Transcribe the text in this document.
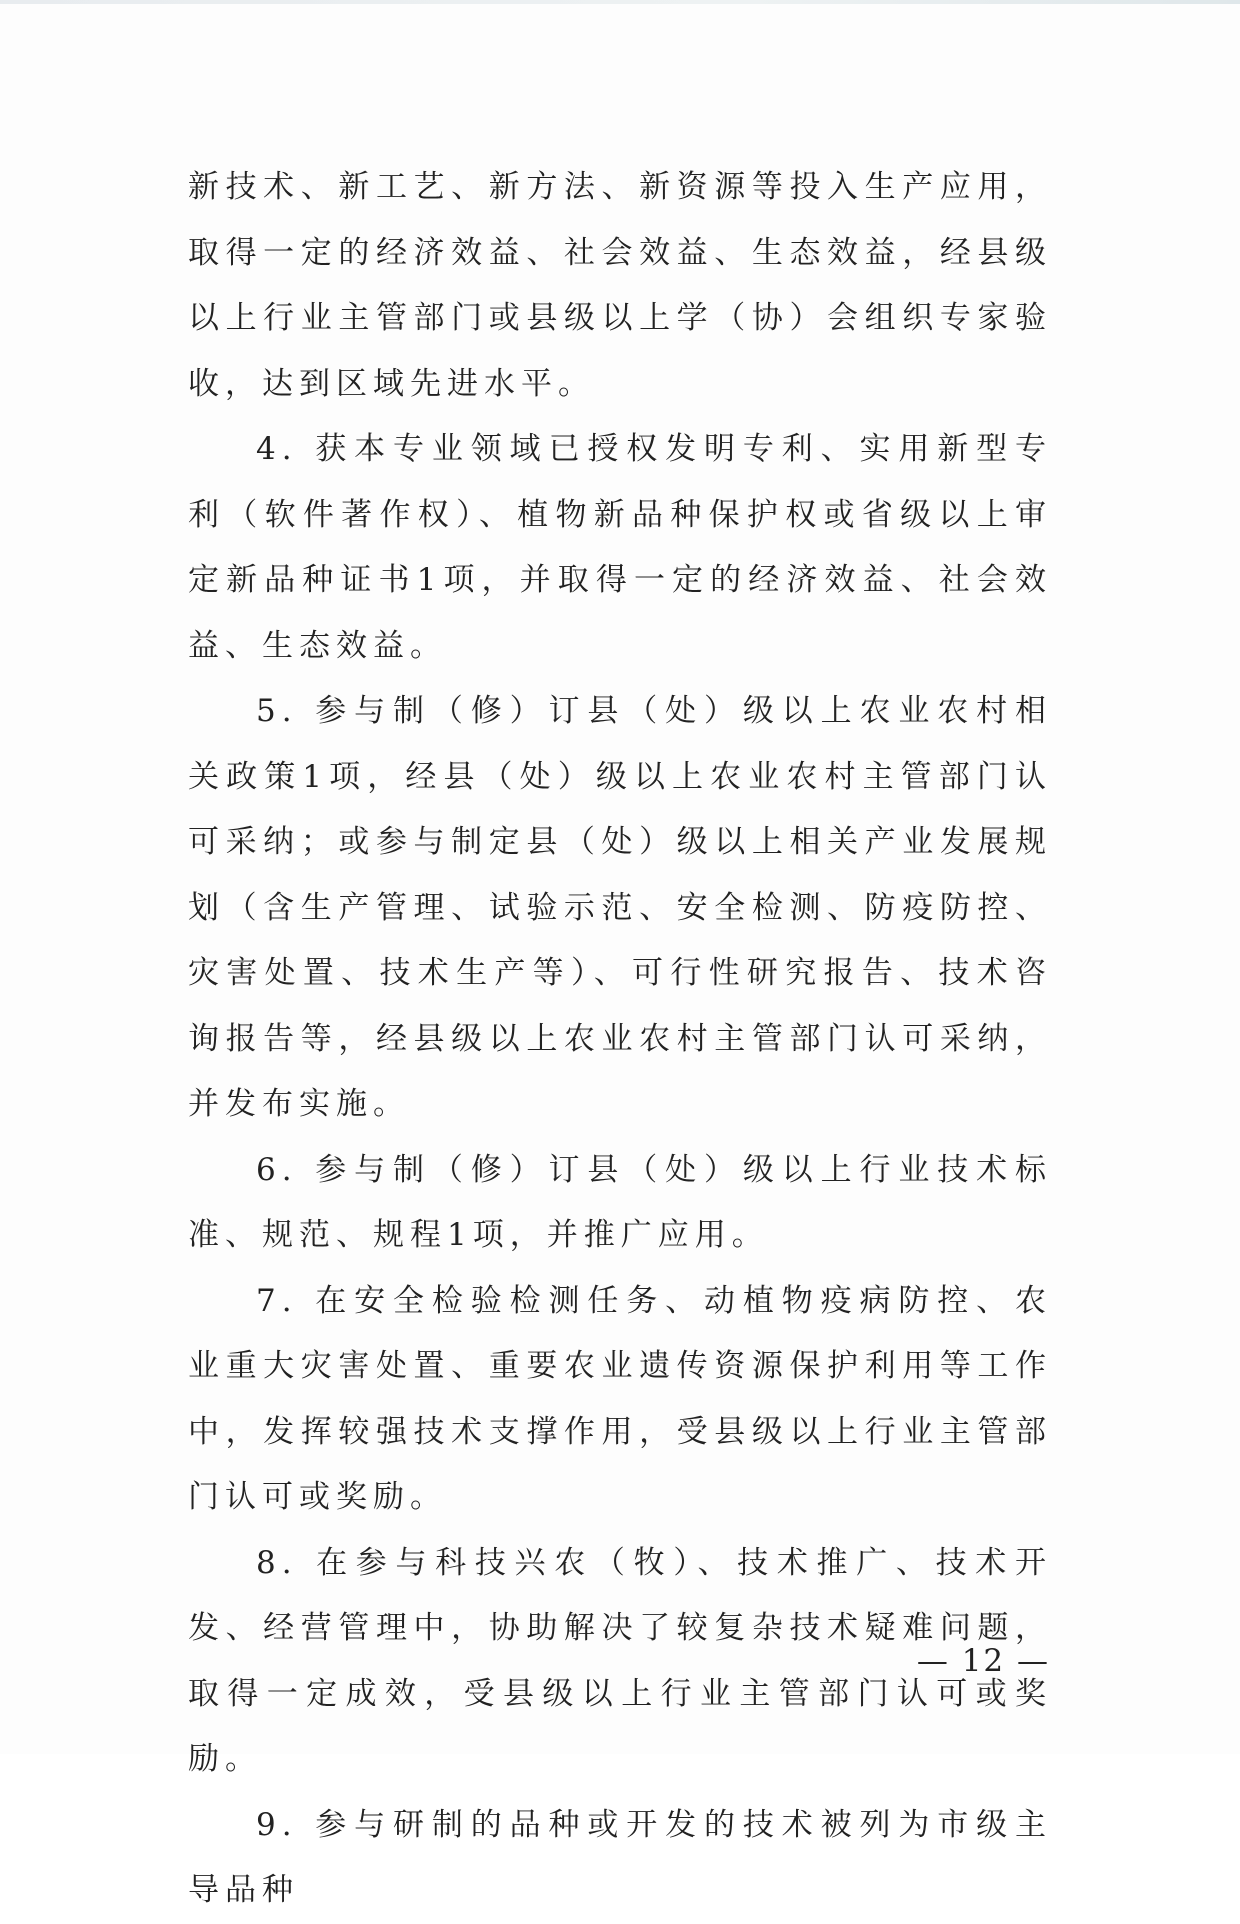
新技术、新工艺、新方法、新资源等投入生产应用，取得一定的经济效益、社会效益、生态效益，经县级以上行业主管部门或县级以上学（协）会组织专家验收，达到区域先进水平。

4. 获本专业领域已授权发明专利、实用新型专利（软件著作权）、植物新品种保护权或省级以上审定新品种证书1项，并取得一定的经济效益、社会效益、生态效益。

5. 参与制（修）订县（处）级以上农业农村相关政策1项，经县（处）级以上农业农村主管部门认可采纳；或参与制定县（处）级以上相关产业发展规划（含生产管理、试验示范、安全检测、防疫防控、灾害处置、技术生产等）、可行性研究报告、技术咨询报告等，经县级以上农业农村主管部门认可采纳，并发布实施。

6. 参与制（修）订县（处）级以上行业技术标准、规范、规程1项，并推广应用。

7. 在安全检验检测任务、动植物疫病防控、农业重大灾害处置、重要农业遗传资源保护利用等工作中，发挥较强技术支撑作用，受县级以上行业主管部门认可或奖励。

8. 在参与科技兴农（牧）、技术推广、技术开发、经营管理中，协助解决了较复杂技术疑难问题，取得一定成效，受县级以上行业主管部门认可或奖励。

9. 参与研制的品种或开发的技术被列为市级主导品种

— 12 —
